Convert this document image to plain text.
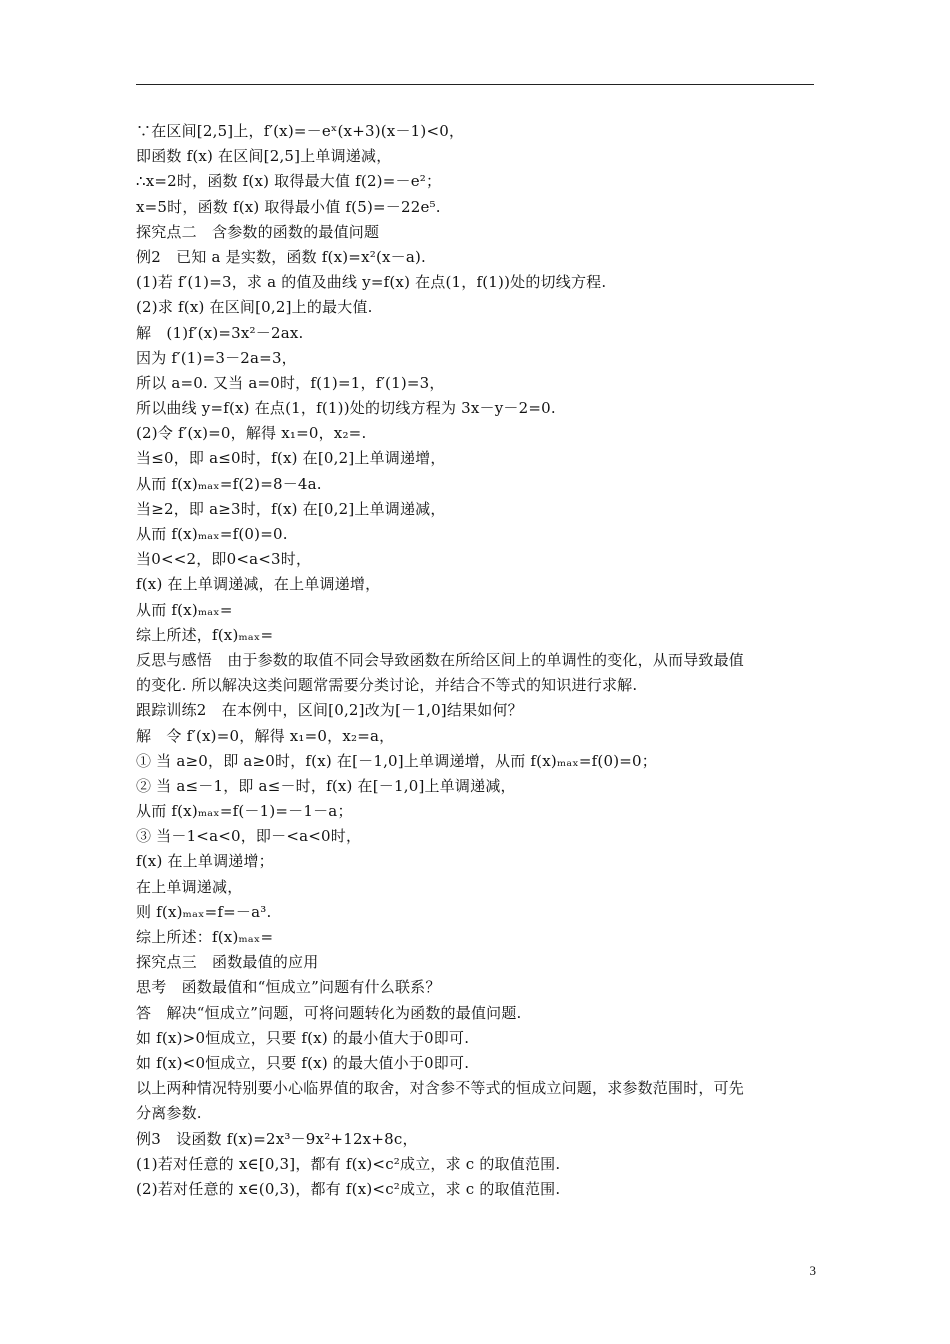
∵在区间[2,5]上，f′(x)=－eˣ(x+3)(x－1)<0，
即函数 f(x) 在区间[2,5]上单调递减，
∴x=2时，函数 f(x) 取得最大值 f(2)=－e²；
x=5时，函数 f(x) 取得最小值 f(5)=－22e⁵.
探究点二　含参数的函数的最值问题
例2　已知 a 是实数，函数 f(x)=x²(x－a).
(1)若 f′(1)=3，求 a 的值及曲线 y=f(x) 在点(1，f(1))处的切线方程.
(2)求 f(x) 在区间[0,2]上的最大值.
解　(1)f′(x)=3x²－2ax.
因为 f′(1)=3－2a=3，
所以 a=0. 又当 a=0时，f(1)=1，f′(1)=3，
所以曲线 y=f(x) 在点(1，f(1))处的切线方程为 3x－y－2=0.
(2)令 f′(x)=0，解得 x₁=0，x₂=.
当≤0，即 a≤0时，f(x) 在[0,2]上单调递增，
从而 f(x)ₘₐₓ=f(2)=8－4a.
当≥2，即 a≥3时，f(x) 在[0,2]上单调递减，
从而 f(x)ₘₐₓ=f(0)=0.
当0<<2，即0<a<3时，
f(x) 在上单调递减，在上单调递增，
从而 f(x)ₘₐₓ=
综上所述，f(x)ₘₐₓ=
反思与感悟　由于参数的取值不同会导致函数在所给区间上的单调性的变化，从而导致最值
的变化. 所以解决这类问题常需要分类讨论，并结合不等式的知识进行求解.
跟踪训练2　在本例中，区间[0,2]改为[－1,0]结果如何？
解　令 f′(x)=0，解得 x₁=0，x₂=a，
① 当 a≥0，即 a≥0时，f(x) 在[－1,0]上单调递增，从而 f(x)ₘₐₓ=f(0)=0；
② 当 a≤－1，即 a≤－时，f(x) 在[－1,0]上单调递减，
从而 f(x)ₘₐₓ=f(－1)=－1－a；
③ 当－1<a<0，即－<a<0时，
f(x) 在上单调递增；
在上单调递减，
则 f(x)ₘₐₓ=f=－a³.
综上所述：f(x)ₘₐₓ=
探究点三　函数最值的应用
思考　函数最值和“恒成立”问题有什么联系？
答　解决“恒成立”问题，可将问题转化为函数的最值问题.
如 f(x)>0恒成立，只要 f(x) 的最小值大于0即可.
如 f(x)<0恒成立，只要 f(x) 的最大值小于0即可.
以上两种情况特别要小心临界值的取舍，对含参不等式的恒成立问题，求参数范围时，可先
分离参数.
例3　设函数 f(x)=2x³－9x²+12x+8c，
(1)若对任意的 x∈[0,3]，都有 f(x)<c²成立，求 c 的取值范围.
(2)若对任意的 x∈(0,3)，都有 f(x)<c²成立，求 c 的取值范围.
3
